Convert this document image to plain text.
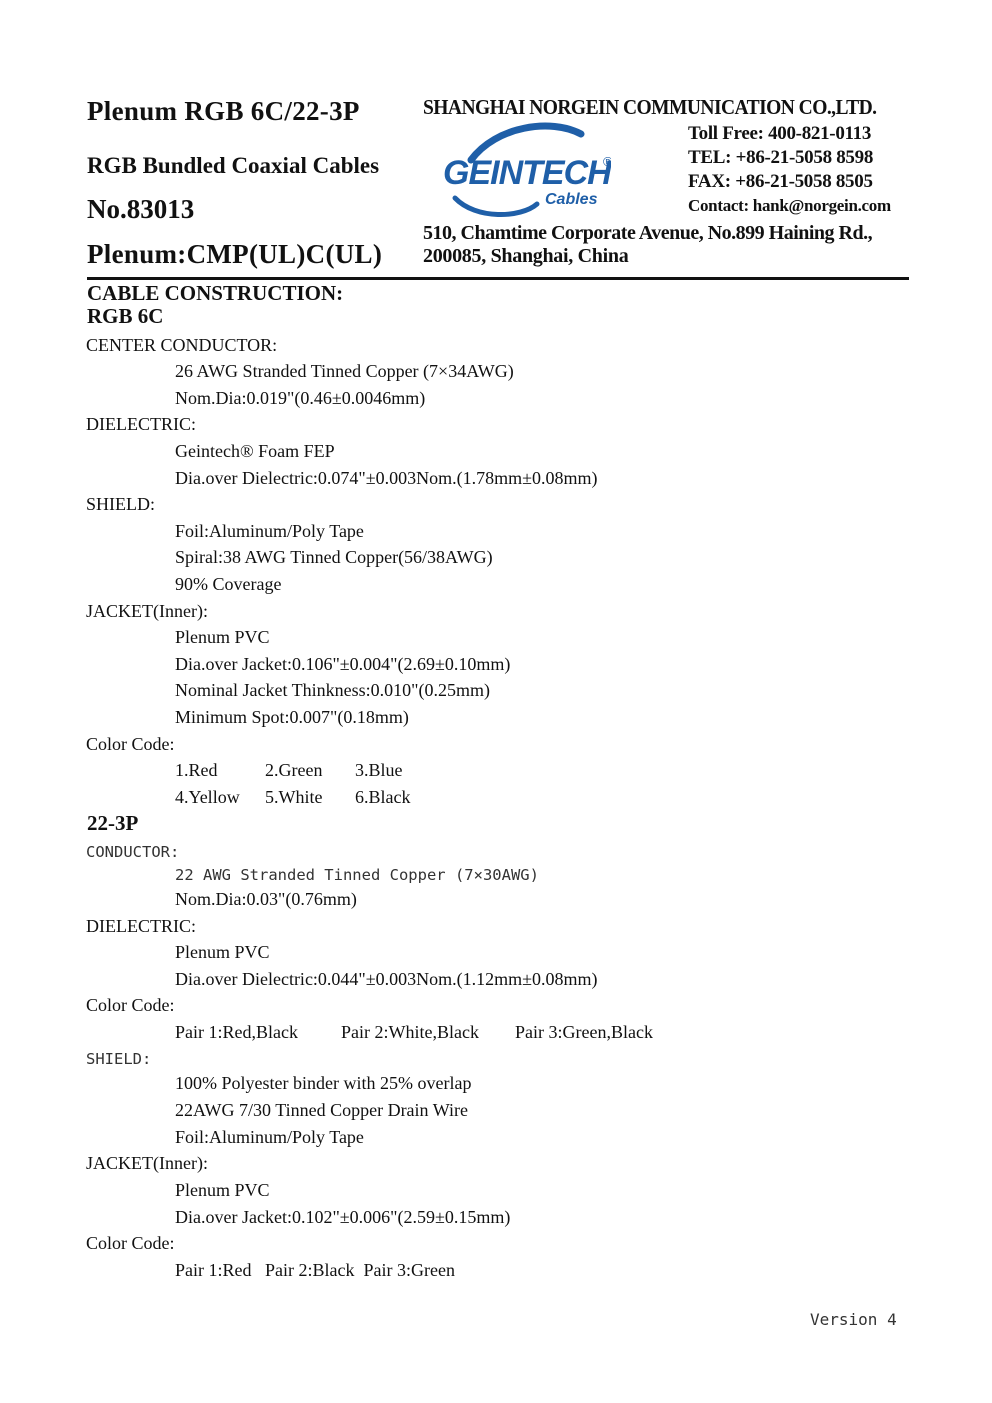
Plenum RGB 6C/22-3P
RGB Bundled Coaxial Cables
No.83013
Plenum:CMP(UL)C(UL)
SHANGHAI NORGEIN COMMUNICATION CO.,LTD.
GEINTECH
®
Cables
Toll Free: 400-821-0113
TEL: +86-21-5058 8598
FAX: +86-21-5058 8505
Contact: hank@norgein.com
510, Chamtime Corporate Avenue, No.899 Haining Rd.,
200085, Shanghai, China
CABLE CONSTRUCTION:
RGB 6C
CENTER CONDUCTOR:
26 AWG Stranded Tinned Copper (7×34AWG)
Nom.Dia:0.019"(0.46±0.0046mm)
DIELECTRIC:
Geintech® Foam FEP
Dia.over Dielectric:0.074"±0.003Nom.(1.78mm±0.08mm)
SHIELD:
Foil:Aluminum/Poly Tape
Spiral:38 AWG Tinned Copper(56/38AWG)
90% Coverage
JACKET(Inner):
Plenum PVC
Dia.over Jacket:0.106"±0.004"(2.69±0.10mm)
Nominal Jacket Thinkness:0.010"(0.25mm)
Minimum Spot:0.007"(0.18mm)
Color Code:
1.Red	2.Green 3.Blue
4.Yellow 5.White 6.Black
22-3P
CONDUCTOR:
22 AWG Stranded Tinned Copper (7×30AWG)
Nom.Dia:0.03"(0.76mm)
DIELECTRIC:
Plenum PVC
Dia.over Dielectric:0.044"±0.003Nom.(1.12mm±0.08mm)
Color Code:
Pair 1:Red,Black Pair 2:White,Black Pair 3:Green,Black
SHIELD:
100% Polyester binder with 25% overlap
22AWG 7/30 Tinned Copper Drain Wire
Foil:Aluminum/Poly Tape
JACKET(Inner):
Plenum PVC
Dia.over Jacket:0.102"±0.006"(2.59±0.15mm)
Color Code:
Pair 1:Red   Pair 2:Black  Pair 3:Green
Version 4
